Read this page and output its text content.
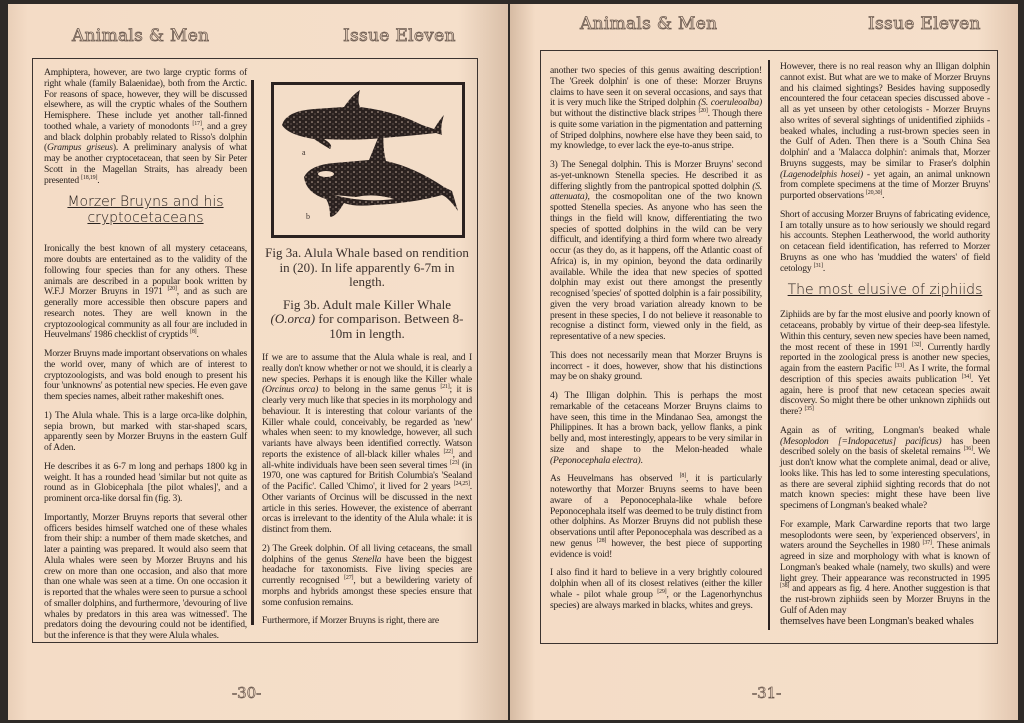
Animals & Men	Issue Eleven

Amphiptera, however, are two large cryptic forms of right whale (family Balaenidae), both from the Arctic. For reasons of space, however, they will be discussed elsewhere, as will the cryptic whales of the Southern Hemisphere. These include yet another tall-finned toothed whale, a variety of monodonts [17], and a grey and black dolphin probably related to Risso's dolphin (Grampus griseus). A preliminary analysis of what may be another cryptocetacean, that seen by Sir Peter Scott in the Magellan Straits, has already been presented [18,19].

Morzer Bruyns and his cryptocetaceans

Ironically the best known of all mystery cetaceans, more doubts are entertained as to the validity of the following four species than for any others. These animals are described in a popular book written by W.F.J Morzer Bruyns in 1971 [20], and as such are generally more accessible then obscure papers and research notes. They are well known in the cryptozoological community as all four are included in Heuvelmans' 1986 checklist of cryptids [8].

Morzer Bruyns made important observations on whales the world over, many of which are of interest to cryptozoologists, and was bold enough to present his four 'unknowns' as potential new species. He even gave them species names, albeit rather makeshift ones.

1) The Alula whale. This is a large orca-like dolphin, sepia brown, but marked with star-shaped scars, apparently seen by Morzer Bruyns in the eastern Gulf of Aden.

He describes it as 6-7 m long and perhaps 1800 kg in weight. It has a rounded head 'similar but not quite as round as in Globicephala [the pilot whales]', and a prominent orca-like dorsal fin (fig. 3).

Importantly, Morzer Bruyns reports that several other officers besides himself watched one of these whales from their ship: a number of them made sketches, and later a painting was prepared. It would also seem that Alula whales were seen by Morzer Bruyns and his crew on more than one occasion, and also that more than one whale was seen at a time. On one occasion it is reported that the whales were seen to pursue a school of smaller dolphins, and furthermore, 'devouring of live whales by predators in this area was witnessed'. The predators doing the devouring could not be identified, but the inference is that they were Alula whales.

a
b
Fig 3a. Alula Whale based on rendition in (20). In life apparently 6-7m in length.
Fig 3b. Adult male Killer Whale (O.orca) for comparison. Between 8-10m in length.

If we are to assume that the Alula whale is real, and I really don't know whether or not we should, it is clearly a new species. Perhaps it is enough like the Killer whale (Orcinus orca) to belong in the same genus [21]; it is clearly very much like that species in its morphology and behaviour. It is interesting that colour variants of the Killer whale could, conceivably, be regarded as 'new' whales when seen: to my knowledge, however, all such variants have always been identified correctly. Watson reports the existence of all-black killer whales [22], and all-white individuals have been seen several times [23] (in 1970, one was captured for British Columbia's 'Sealand of the Pacific'. Called 'Chimo', it lived for 2 years [24,25]. Other variants of Orcinus will be discussed in the next article in this series. However, the existence of aberrant orcas is irrelevant to the identity of the Alula whale: it is distinct from them.

2) The Greek dolphin. Of all living cetaceans, the small dolphins of the genus Stenella have been the biggest headache for taxonomists. Five living species are currently recognised [27], but a bewildering variety of morphs and hybrids amongst these species ensure that some confusion remains.

Furthermore, if Morzer Bruyns is right, there are

-30-
Animals & Men	Issue Eleven

another two species of this genus awaiting description! The 'Greek dolphin' is one of these: Morzer Bruyns claims to have seen it on several occasions, and says that it is very much like the Striped dolphin (S. coeruleoalba) but without the distinctive black stripes [20]. Though there is quite some variation in the pigmentation and patterning of Striped dolphins, nowhere else have they been said, to my knowledge, to ever lack the eye-to-anus stripe.

3) The Senegal dolphin. This is Morzer Bruyns' second as-yet-unknown Stenella species. He described it as differing slightly from the pantropical spotted dolphin (S. attenuata), the cosmopolitan one of the two known spotted Stenella species. As anyone who has seen the things in the field will know, differentiating the two species of spotted dolphins in the wild can be very difficult, and identifying a third form where two already occur (as they do, as it happens, off the Atlantic coast of Africa) is, in my opinion, beyond the data ordinarily available. While the idea that new species of spotted dolphin may exist out there amongst the presently recognised 'species' of spotted dolphin is a fair possibility, given the very broad variation already known to be present in these species, I do not believe it reasonable to recognise a distinct form, viewed only in the field, as representative of a new species.

This does not necessarily mean that Morzer Bruyns is incorrect - it does, however, show that his distinctions may be on shaky ground.

4) The Illigan dolphin. This is perhaps the most remarkable of the cetaceans Morzer Bruyns claims to have seen, this time in the Mindanao Sea, amongst the Philippines. It has a brown back, yellow flanks, a pink belly and, most interestingly, appears to be very similar in size and shape to the Melon-headed whale (Peponocephala electra).

As Heuvelmans has observed [8], it is particularly noteworthy that Morzer Bruyns seems to have been aware of a Peponocephala-like whale before Peponocephala itself was deemed to be truly distinct from other dolphins. As Morzer Bruyns did not publish these observations until after Peponocephala was described as a new genus [28] however, the best piece of supporting evidence is void!

I also find it hard to believe in a very brightly coloured dolphin when all of its closest relatives (either the killer whale - pilot whale group [29], or the Lagenorhynchus species) are always marked in blacks, whites and greys.

However, there is no real reason why an Illigan dolphin cannot exist. But what are we to make of Morzer Bruyns and his claimed sightings? Besides having supposedly encountered the four cetacean species discussed above - all as yet unseen by other cetologists - Morzer Bruyns also writes of several sightings of unidentified ziphiids - beaked whales, including a rust-brown species seen in the Gulf of Aden. Then there is a 'South China Sea dolphin' and a 'Malacca dolphin': animals that, Morzer Bruyns suggests, may be similar to Fraser's dolphin (Lagenodelphis hosei) - yet again, an animal unknown from complete specimens at the time of Morzer Bruyns' purported observations [20,30].

Short of accusing Morzer Bruyns of fabricating evidence, I am totally unsure as to how seriously we should regard his accounts. Stephen Leatherwood, the world authority on cetacean field identification, has referred to Morzer Bruyns as one who has 'muddied the waters' of field cetology [31].

The most elusive of ziphiids

Ziphiids are by far the most elusive and poorly known of cetaceans, probably by virtue of their deep-sea lifestyle. Within this century, seven new species have been named, the most recent of these in 1991 [32]. Currently hardly reported in the zoological press is another new species, again from the eastern Pacific [33]. As I write, the formal description of this species awaits publication [34]. Yet again, here is proof that new cetacean species await discovery. So might there be other unknown ziphiids out there? [35]

Again as of writing, Longman's beaked whale (Mesoplodon [=Indopacetus] pacificus) has been described solely on the basis of skeletal remains [36]. We just don't know what the complete animal, dead or alive, looks like. This has led to some interesting speculations, as there are several ziphiid sighting records that do not match known species: might these have been live specimens of Longman's beaked whale?

For example, Mark Carwardine reports that two large mesoplodonts were seen, by 'experienced observers', in waters around the Seychelles in 1980 [37]. These animals agreed in size and morphology with what is known of Longman's beaked whale (namely, two skulls) and were light grey. Their appearance was reconstructed in 1995 [38] and appears as fig. 4 here. Another suggestion is that the rust-brown ziphiids seen by Morzer Bruyns in the Gulf of Aden may

themselves have been Longman's beaked whales

-31-
